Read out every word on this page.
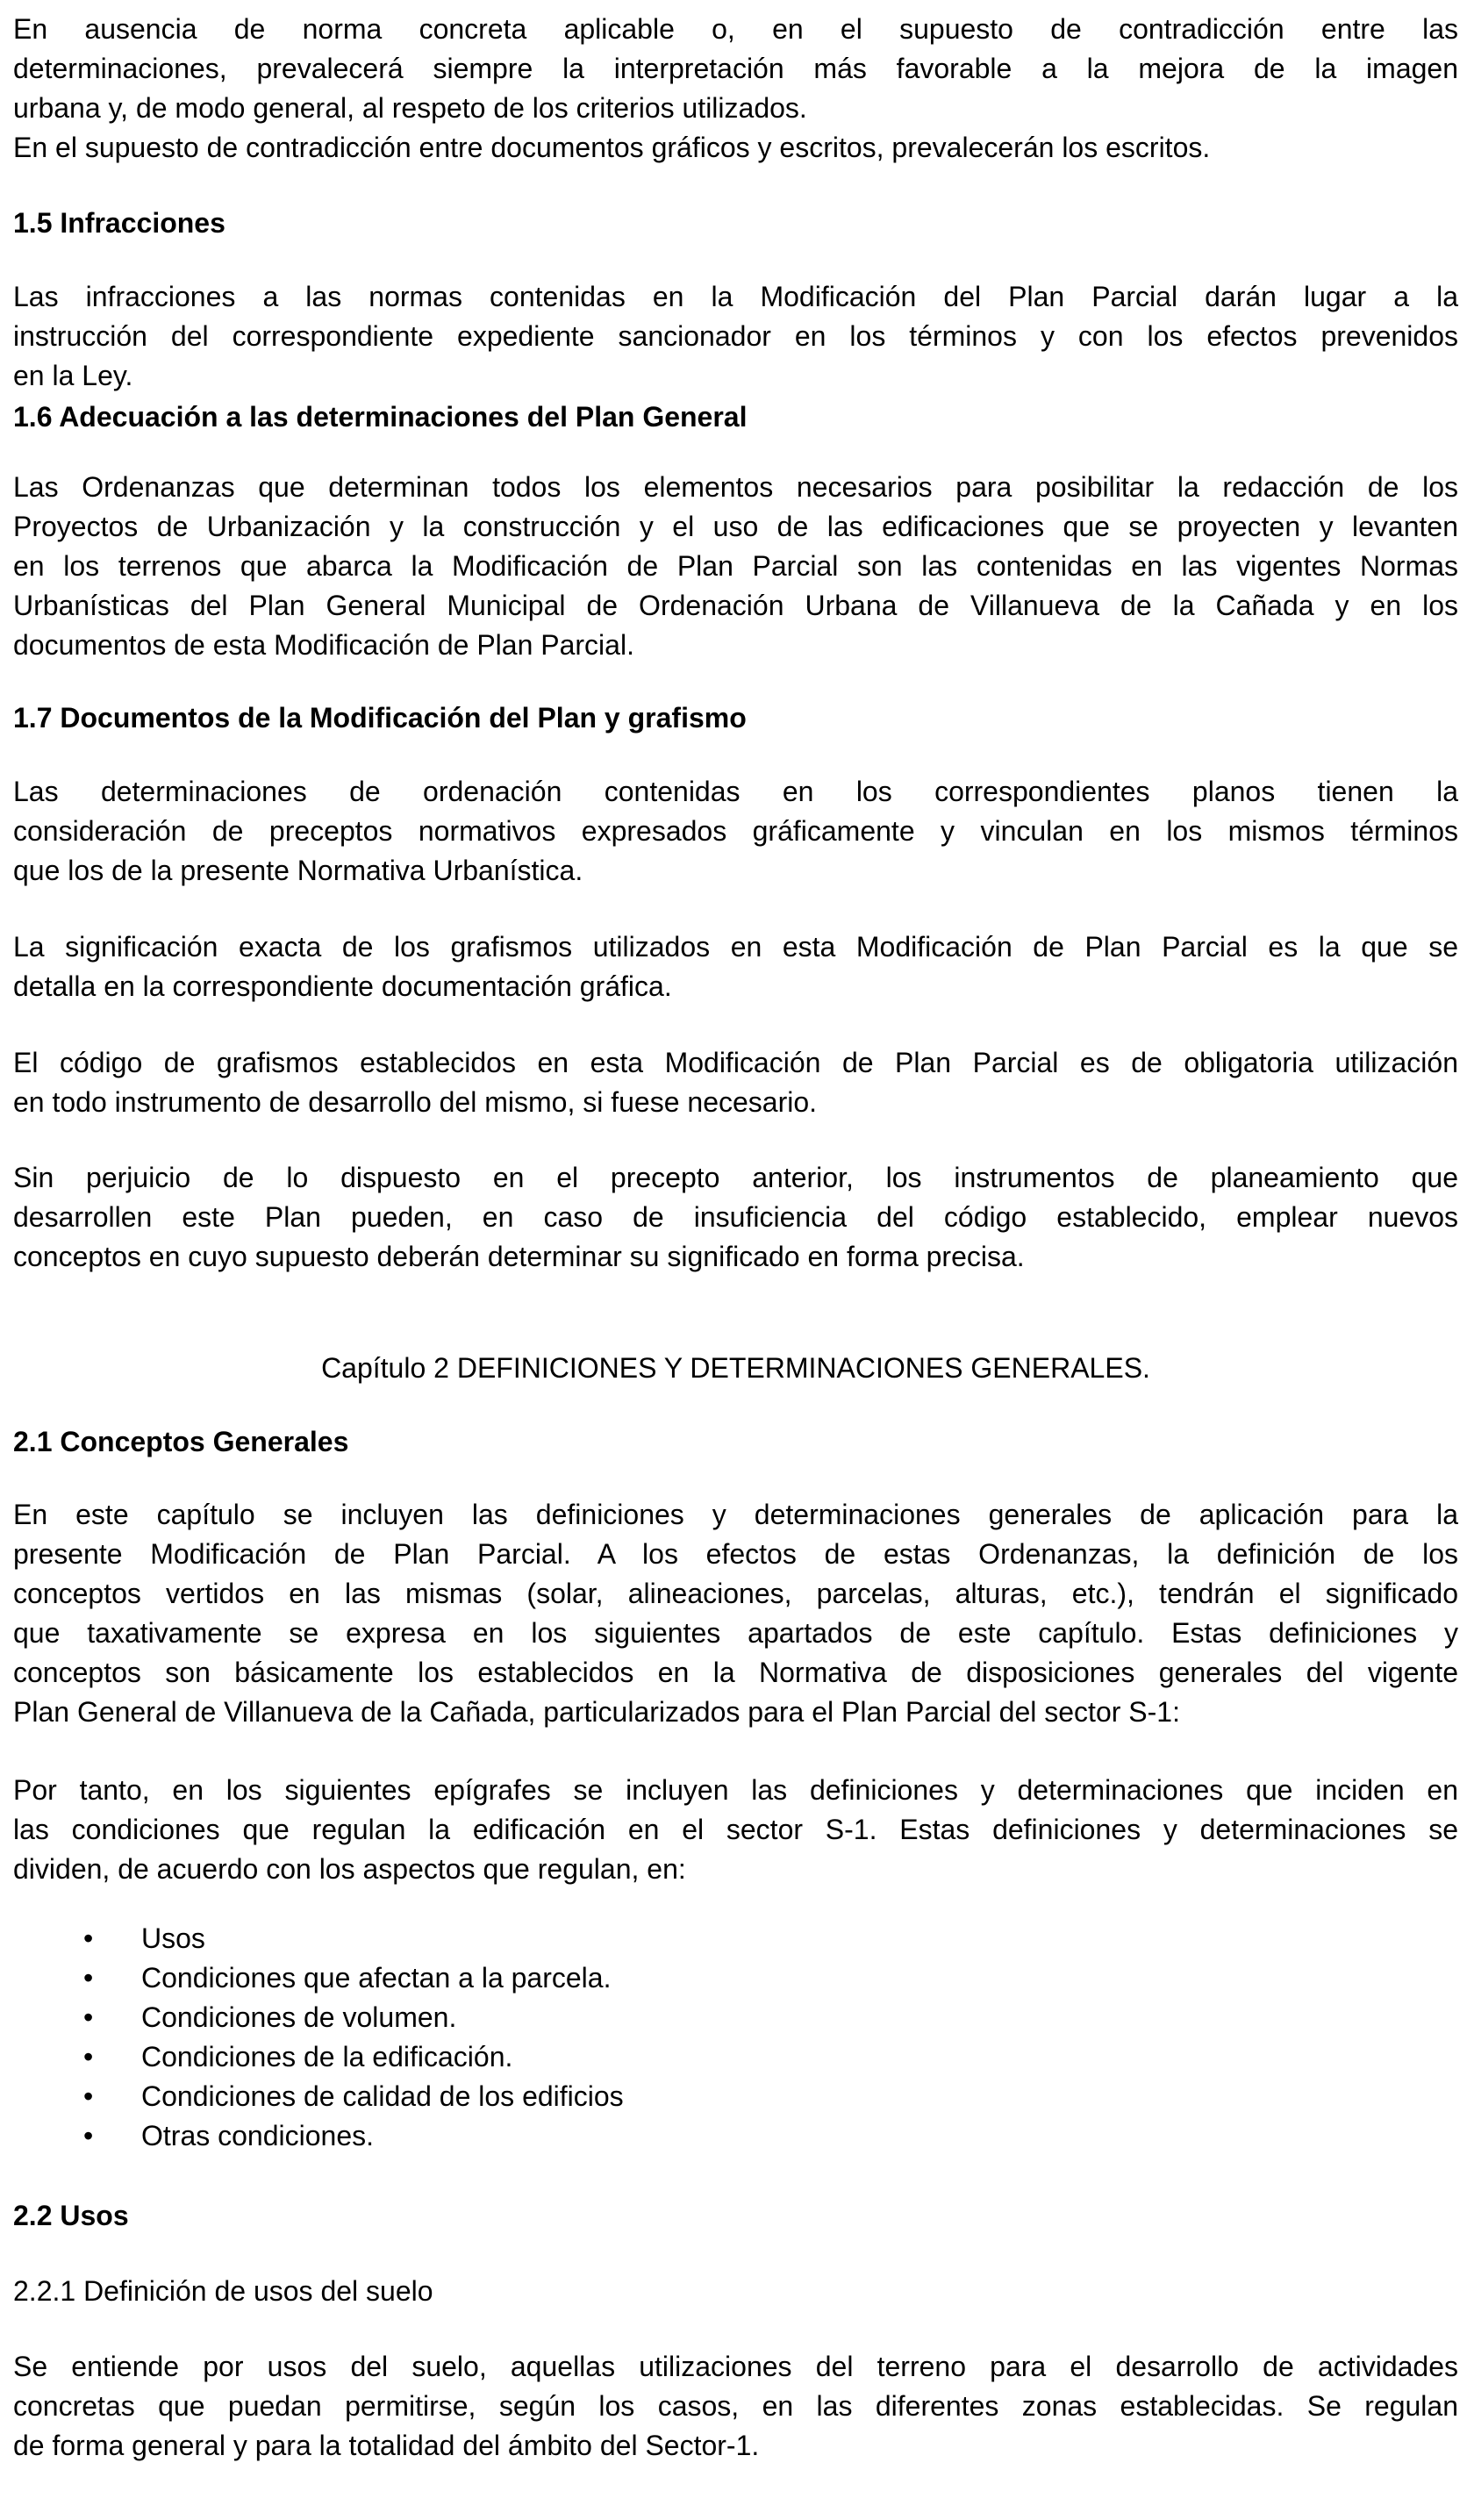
En ausencia de norma concreta aplicable o, en el supuesto de contradicción entre las
determinaciones, prevalecerá siempre la interpretación más favorable a la mejora de la imagen
urbana y, de modo general, al respeto de los criterios utilizados.
En el supuesto de contradicción entre documentos gráficos y escritos, prevalecerán los escritos.
1.5 Infracciones
Las infracciones a las normas contenidas en la Modificación del Plan Parcial darán lugar a la
instrucción del correspondiente expediente sancionador en los términos y con los efectos prevenidos
en la Ley.
1.6 Adecuación a las determinaciones del Plan General
Las Ordenanzas que determinan todos los elementos necesarios para posibilitar la redacción de los
Proyectos de Urbanización y la construcción y el uso de las edificaciones que se proyecten y levanten
en los terrenos que abarca la Modificación de Plan Parcial son las contenidas en las vigentes Normas
Urbanísticas del Plan General Municipal de Ordenación Urbana de Villanueva de la Cañada y en los
documentos de esta Modificación de Plan Parcial.
1.7 Documentos de la Modificación del Plan y grafismo
Las determinaciones de ordenación contenidas en los correspondientes planos tienen la
consideración de preceptos normativos expresados gráficamente y vinculan en los mismos términos
que los de la presente Normativa Urbanística.
La significación exacta de los grafismos utilizados en esta Modificación de Plan Parcial es la que se
detalla en la correspondiente documentación gráfica.
El código de grafismos establecidos en esta Modificación de Plan Parcial es de obligatoria utilización
en todo instrumento de desarrollo del mismo, si fuese necesario.
Sin perjuicio de lo dispuesto en el precepto anterior, los instrumentos de planeamiento que
desarrollen este Plan pueden, en caso de insuficiencia del código establecido, emplear nuevos
conceptos en cuyo supuesto deberán determinar su significado en forma precisa.
Capítulo 2 DEFINICIONES Y DETERMINACIONES GENERALES.
2.1 Conceptos Generales
En este capítulo se incluyen las definiciones y determinaciones generales de aplicación para la
presente Modificación de Plan Parcial. A los efectos de estas Ordenanzas, la definición de los
conceptos vertidos en las mismas (solar, alineaciones, parcelas, alturas, etc.), tendrán el significado
que taxativamente se expresa en los siguientes apartados de este capítulo. Estas definiciones y
conceptos son básicamente los establecidos en la Normativa de disposiciones generales del vigente
Plan General de Villanueva de la Cañada, particularizados para el Plan Parcial del sector S-1:
Por tanto, en los siguientes epígrafes se incluyen las definiciones y determinaciones que inciden en
las condiciones que regulan la edificación en el sector S-1. Estas definiciones y determinaciones se
dividen, de acuerdo con los aspectos que regulan, en:
• Usos
• Condiciones que afectan a la parcela.
• Condiciones de volumen.
• Condiciones de la edificación.
• Condiciones de calidad de los edificios
• Otras condiciones.
2.2 Usos
2.2.1 Definición de usos del suelo
Se entiende por usos del suelo, aquellas utilizaciones del terreno para el desarrollo de actividades
concretas que puedan permitirse, según los casos, en las diferentes zonas establecidas. Se regulan
de forma general y para la totalidad del ámbito del Sector-1.
